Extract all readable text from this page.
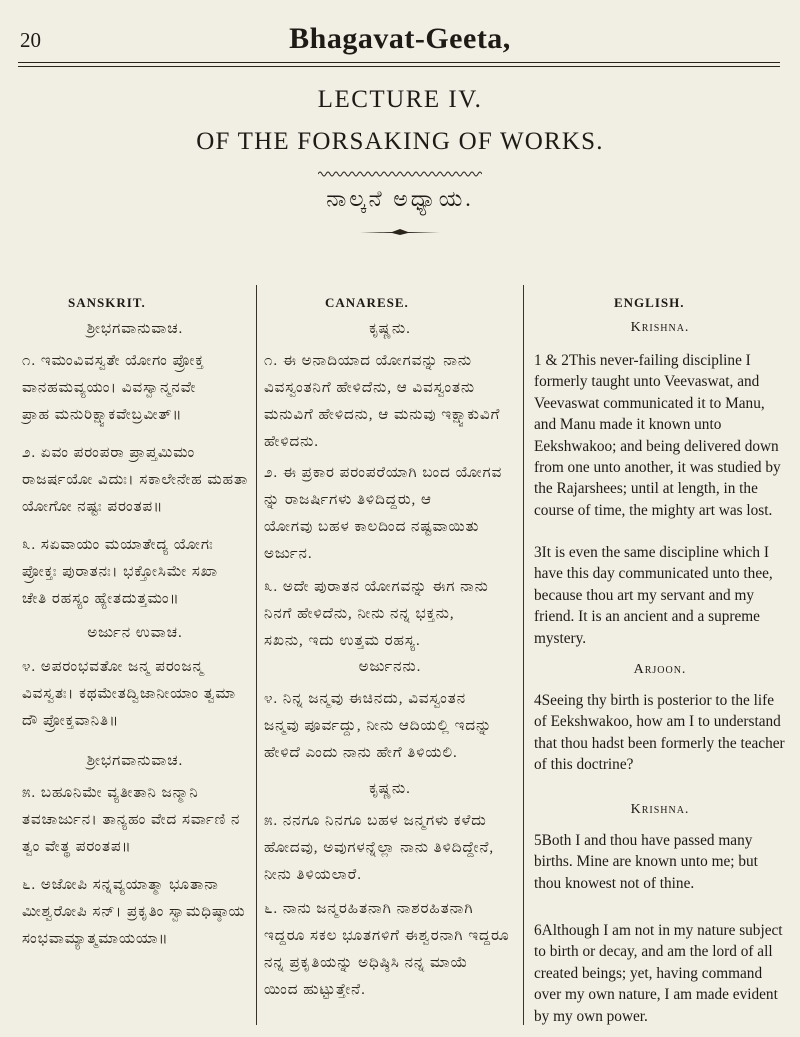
20	Bhagavat-Geeta,
LECTURE IV.
OF THE FORSAKING OF WORKS.
ನಾಲ್ಕನೆ ಅಧ್ಯಾಯ.
SANSKRIT.	CANARESE.	ENGLISH.
ಶ್ರೀಭಗವಾನುವಾಚ.
೧. ಇಮಂವಿವಸ್ವತೇ ಯೋಗಂ ಪ್ರೋಕ್ತ
ವಾನಹಮವ್ಯಯಂ। ವಿವಸ್ವಾನ್ಮನವೇ
ಪ್ರಾಹ ಮನುರಿಕ್ಷ್ವಾಕವೇಬ್ರವೀತ್॥
೨. ಏವಂ ಪರಂಪರಾ ಪ್ರಾಪ್ತಮಿಮಂ
ರಾಜರ್ಷಯೋ ವಿದುಃ। ಸಕಾಲೇನೇಹ ಮಹತಾ
ಯೋಗೋ ನಷ್ಟಃ ಪರಂತಪ॥
೩. ಸಏವಾಯಂ ಮಯಾತೇದ್ಯ ಯೋಗಃ
ಪ್ರೋಕ್ತಃ ಪುರಾತನಃ। ಭಕ್ತೋಸಿಮೇ ಸಖಾ
ಚೇತಿ ರಹಸ್ಯಂ ಹ್ಯೇತದುತ್ತಮಂ॥
ಅರ್ಜುನ ಉವಾಚ.
೪. ಅಪರಂಭವತೋ ಜನ್ಮ ಪರಂಜನ್ಮ
ವಿವಸ್ವತಃ। ಕಥಮೇತದ್ವಿಜಾನೀಯಾಂ ತ್ವಮಾ
ದೌ ಪ್ರೋಕ್ತವಾನಿತಿ॥
ಶ್ರೀಭಗವಾನುವಾಚ.
೫. ಬಹೂನಿಮೇ ವ್ಯತೀತಾನಿ ಜನ್ಮಾನಿ
ತವಚಾರ್ಜುನ। ತಾನ್ಯಹಂ ವೇದ ಸರ್ವಾಣಿ ನ
ತ್ವಂ ವೇತ್ಥ ಪರಂತಪ॥
೬. ಅಜೋಪಿ ಸನ್ನವ್ಯಯಾತ್ಮಾ ಭೂತಾನಾ
ಮೀಶ್ವರೋಪಿ ಸನ್। ಪ್ರಕೃತಿಂ ಸ್ವಾಮಧಿಷ್ಠಾಯ
ಸಂಭವಾಮ್ಯಾತ್ಮಮಾಯಯಾ॥
ಕೃಷ್ಣನು.
೧. ಈ ಅನಾದಿಯಾದ ಯೋಗವನ್ನು ನಾನು
ವಿವಸ್ವಂತನಿಗೆ ಹೇಳಿದೆನು, ಆ ವಿವಸ್ವಂತನು
ಮನುವಿಗೆ ಹೇಳಿದನು, ಆ ಮನುವು ಇಕ್ಷ್ವಾಕುವಿಗೆ
ಹೇಳಿದನು.
೨. ಈ ಪ್ರಕಾರ ಪರಂಪರೆಯಾಗಿ ಬಂದ ಯೋಗವ
ನ್ನು ರಾಜರ್ಷಿಗಳು ತಿಳಿದಿದ್ದರು, ಆ
ಯೋಗವು ಬಹಳ ಕಾಲದಿಂದ ನಷ್ಟವಾಯಿತು
ಅರ್ಜುನ.
೩. ಅದೇ ಪುರಾತನ ಯೋಗವನ್ನು ಈಗ ನಾನು
ನಿನಗೆ ಹೇಳಿದೆನು, ನೀನು ನನ್ನ ಭಕ್ತನು,
ಸಖನು, ಇದು ಉತ್ತಮ ರಹಸ್ಯ.
ಅರ್ಜುನನು.
೪. ನಿನ್ನ ಜನ್ಮವು ಈಚಿನದು, ವಿವಸ್ವಂತನ
ಜನ್ಮವು ಪೂರ್ವದ್ದು, ನೀನು ಆದಿಯಲ್ಲಿ ಇದನ್ನು
ಹೇಳಿದೆ ಎಂದು ನಾನು ಹೇಗೆ ತಿಳಿಯಲಿ.
ಕೃಷ್ಣನು.
೫. ನನಗೂ ನಿನಗೂ ಬಹಳ ಜನ್ಮಗಳು ಕಳೆದು
ಹೋದವು, ಅವುಗಳನ್ನೆಲ್ಲಾ ನಾನು ತಿಳಿದಿದ್ದೇನೆ,
ನೀನು ತಿಳಿಯಲಾರೆ.
೬. ನಾನು ಜನ್ಮರಹಿತನಾಗಿ ನಾಶರಹಿತನಾಗಿ
ಇದ್ದರೂ ಸಕಲ ಭೂತಗಳಿಗೆ ಈಶ್ವರನಾಗಿ ಇದ್ದರೂ
ನನ್ನ ಪ್ರಕೃತಿಯನ್ನು ಅಧಿಷ್ಠಿಸಿ ನನ್ನ ಮಾಯೆ
ಯಿಂದ ಹುಟ್ಟುತ್ತೇನೆ.
Krishna.
1 & 2This never-failing discipline I formerly taught unto Veevaswat, and Veevaswat communicated it to Manu, and Manu made it known unto Eekshwakoo; and being delivered down from one unto another, it was studied by the Rajarshees; until at length, in the course of time, the mighty art was lost.
3It is even the same discipline which I have this day communicated unto thee, because thou art my servant and my friend. It is an ancient and a supreme mystery.
Arjoon.
4Seeing thy birth is posterior to the life of Eekshwakoo, how am I to understand that thou hadst been formerly the teacher of this doctrine?
Krishna.
5Both I and thou have passed many births. Mine are known unto me; but thou knowest not of thine.
6Although I am not in my nature subject to birth or decay, and am the lord of all created beings; yet, having command over my own nature, I am made evident by my own power.
